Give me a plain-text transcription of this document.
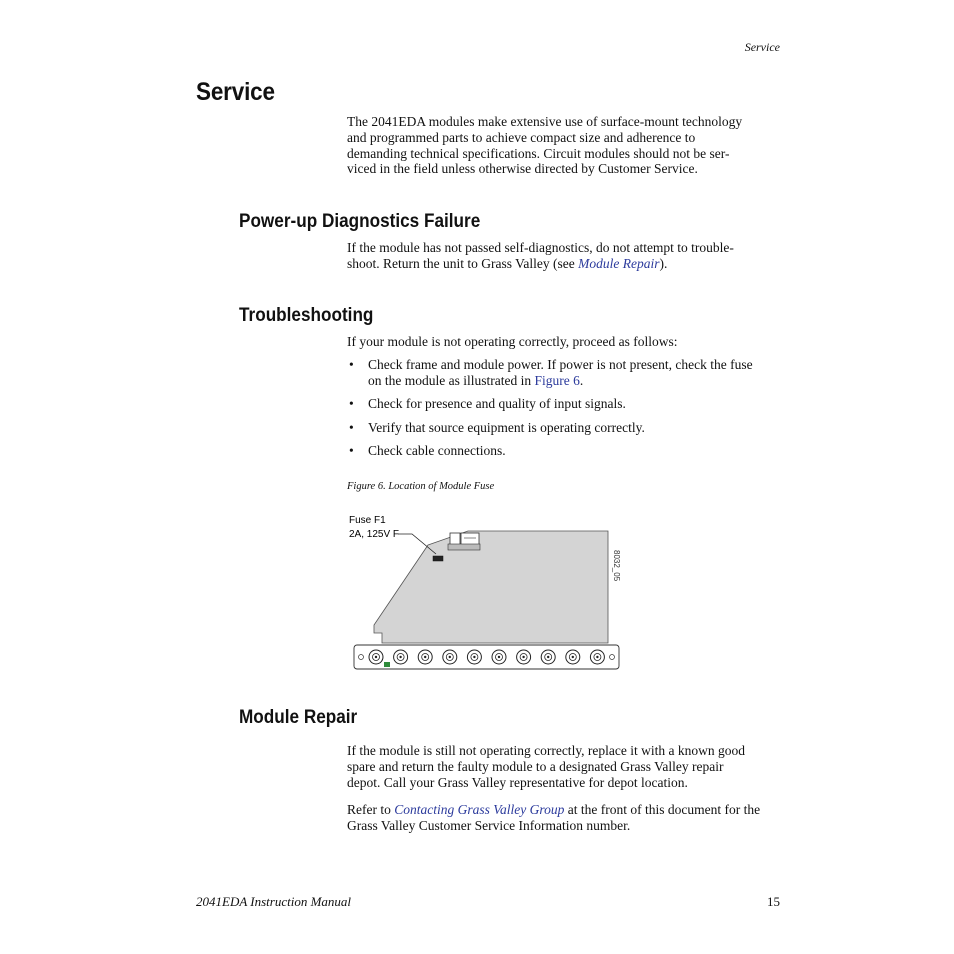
Service
Service
The 2041EDA modules make extensive use of surface-mount technology
and programmed parts to achieve compact size and adherence to
demanding technical specifications. Circuit modules should not be ser-
viced in the field unless otherwise directed by Customer Service.
Power-up Diagnostics Failure
If the module has not passed self-diagnostics, do not attempt to trouble-
shoot. Return the unit to Grass Valley (see Module Repair).
Troubleshooting
If your module is not operating correctly, proceed as follows:
• Check frame and module power. If power is not present, check the fuse
on the module as illustrated in Figure 6.
• Check for presence and quality of input signals.
• Verify that source equipment is operating correctly.
• Check cable connections.
Figure 6. Location of Module Fuse
Fuse F1
2A, 125V F
8032_05
Module Repair
If the module is still not operating correctly, replace it with a known good
spare and return the faulty module to a designated Grass Valley repair
depot. Call your Grass Valley representative for depot location.
Refer to Contacting Grass Valley Group at the front of this document for the
Grass Valley Customer Service Information number.
2041EDA Instruction Manual	15
